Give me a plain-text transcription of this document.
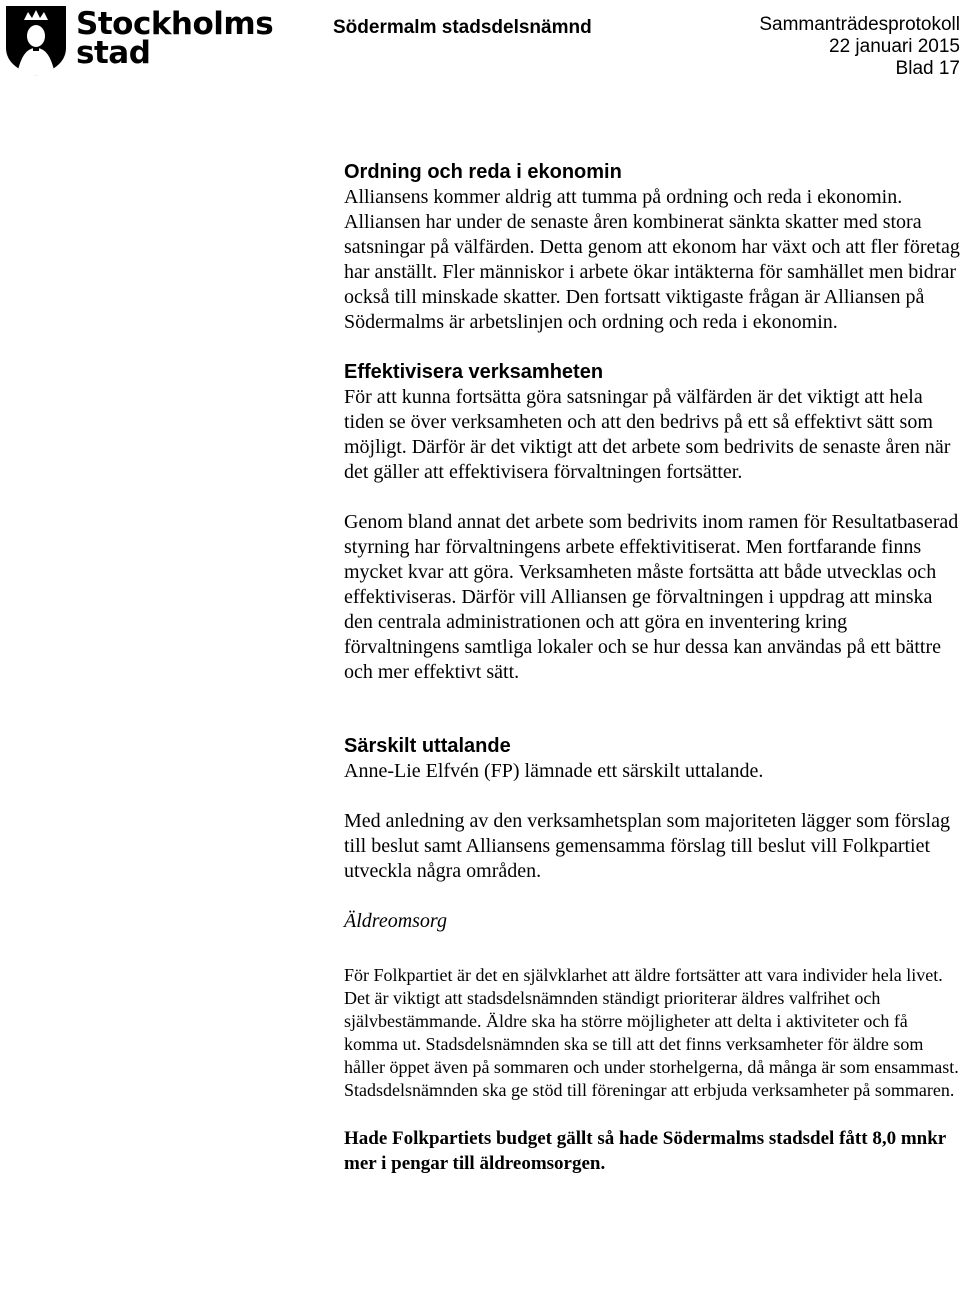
Stockholms
stad
Södermalm stadsdelsnämnd	Sammanträdesprotokoll
22 januari 2015
Blad 17
Ordning och reda i ekonomin

Alliansens kommer aldrig att tumma på ordning och reda i ekonomin. Alliansen har under de senaste åren kombinerat sänkta skatter med stora satsningar på välfärden. Detta genom att ekonom har växt och att fler företag har anställt. Fler människor i arbete ökar intäkterna för samhället men bidrar också till minskade skatter. Den fortsatt viktigaste frågan är Alliansen på Södermalms är arbetslinjen och ordning och reda i ekonomin.

Effektivisera verksamheten

För att kunna fortsätta göra satsningar på välfärden är det viktigt att hela tiden se över verksamheten och att den bedrivs på ett så effektivt sätt som möjligt. Därför är det viktigt att det arbete som bedrivits de senaste åren när det gäller att effektivisera förvaltningen fortsätter.

Genom bland annat det arbete som bedrivits inom ramen för Resultatbaserad styrning har förvaltningens arbete effektivitiserat. Men fortfarande finns mycket kvar att göra. Verksamheten måste fortsätta att både utvecklas och effektiviseras. Därför vill Alliansen ge förvaltningen i uppdrag att minska den centrala administrationen och att göra en inventering kring förvaltningens samtliga lokaler och se hur dessa kan användas på ett bättre och mer effektivt sätt.

Särskilt uttalande

Anne-Lie Elfvén (FP) lämnade ett särskilt uttalande.

Med anledning av den verksamhetsplan som majoriteten lägger som förslag till beslut samt Alliansens gemensamma förslag till beslut vill Folkpartiet utveckla några områden.

Äldreomsorg

För Folkpartiet är det en självklarhet att äldre fortsätter att vara individer hela livet. Det är viktigt att stadsdelsnämnden ständigt prioriterar äldres valfrihet och självbestämmande. Äldre ska ha större möjligheter att delta i aktiviteter och få komma ut. Stadsdelsnämnden ska se till att det finns verksamheter för äldre som håller öppet även på sommaren och under storhelgerna, då många är som ensammast. Stadsdelsnämnden ska ge stöd till föreningar att erbjuda verksamheter på sommaren.

Hade Folkpartiets budget gällt så hade Södermalms stadsdel fått 8,0 mnkr mer i pengar till äldreomsorgen.
